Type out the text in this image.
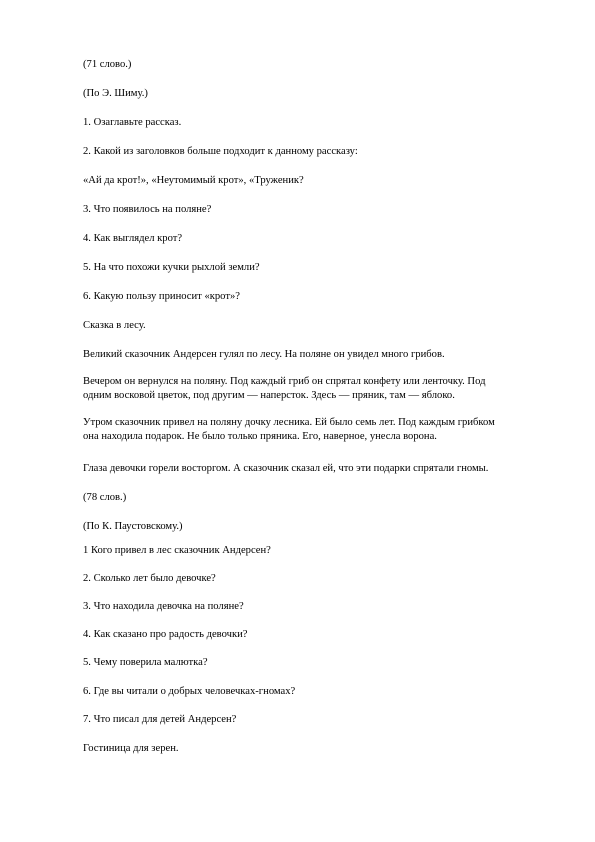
(71 слово.)

(По Э. Шиму.)

1. Озаглавьте рассказ.

2. Какой из заголовков больше подходит к данному рассказу:

«Ай да крот!», «Неутомимый крот», «Труженик?

3. Что появилось на поляне?

4. Как выглядел крот?

5. На что похожи кучки рыхлой земли?

6. Какую пользу приносит «крот»?

Сказка в лесу.

Великий сказочник Андерсен гулял по лесу. На поляне он увидел много грибов.

Вечером он вернулся на поляну. Под каждый гриб он спрятал конфету или ленточку. Под
одним восковой цветок, под другим — наперсток. Здесь — пряник, там — яблоко.
Утром сказочник привел на поляну дочку лесника. Ей было семь лет. Под каждым грибком
она находила подарок. Не было только пряника. Его, наверное, унесла ворона.

Глаза девочки горели восторгом. А сказочник сказал ей, что эти подарки спрятали гномы.

(78 слов.)

(По К. Паустовскому.)

1 Кого привел в лес сказочник Андерсен?

2. Сколько лет было девочке?

3. Что находила девочка на поляне?

4. Как сказано про радость девочки?

5. Чему поверила малютка?

6. Где вы читали о добрых человечках-гномах?

7. Что писал для детей Андерсен?

Гостиница для зерен.
